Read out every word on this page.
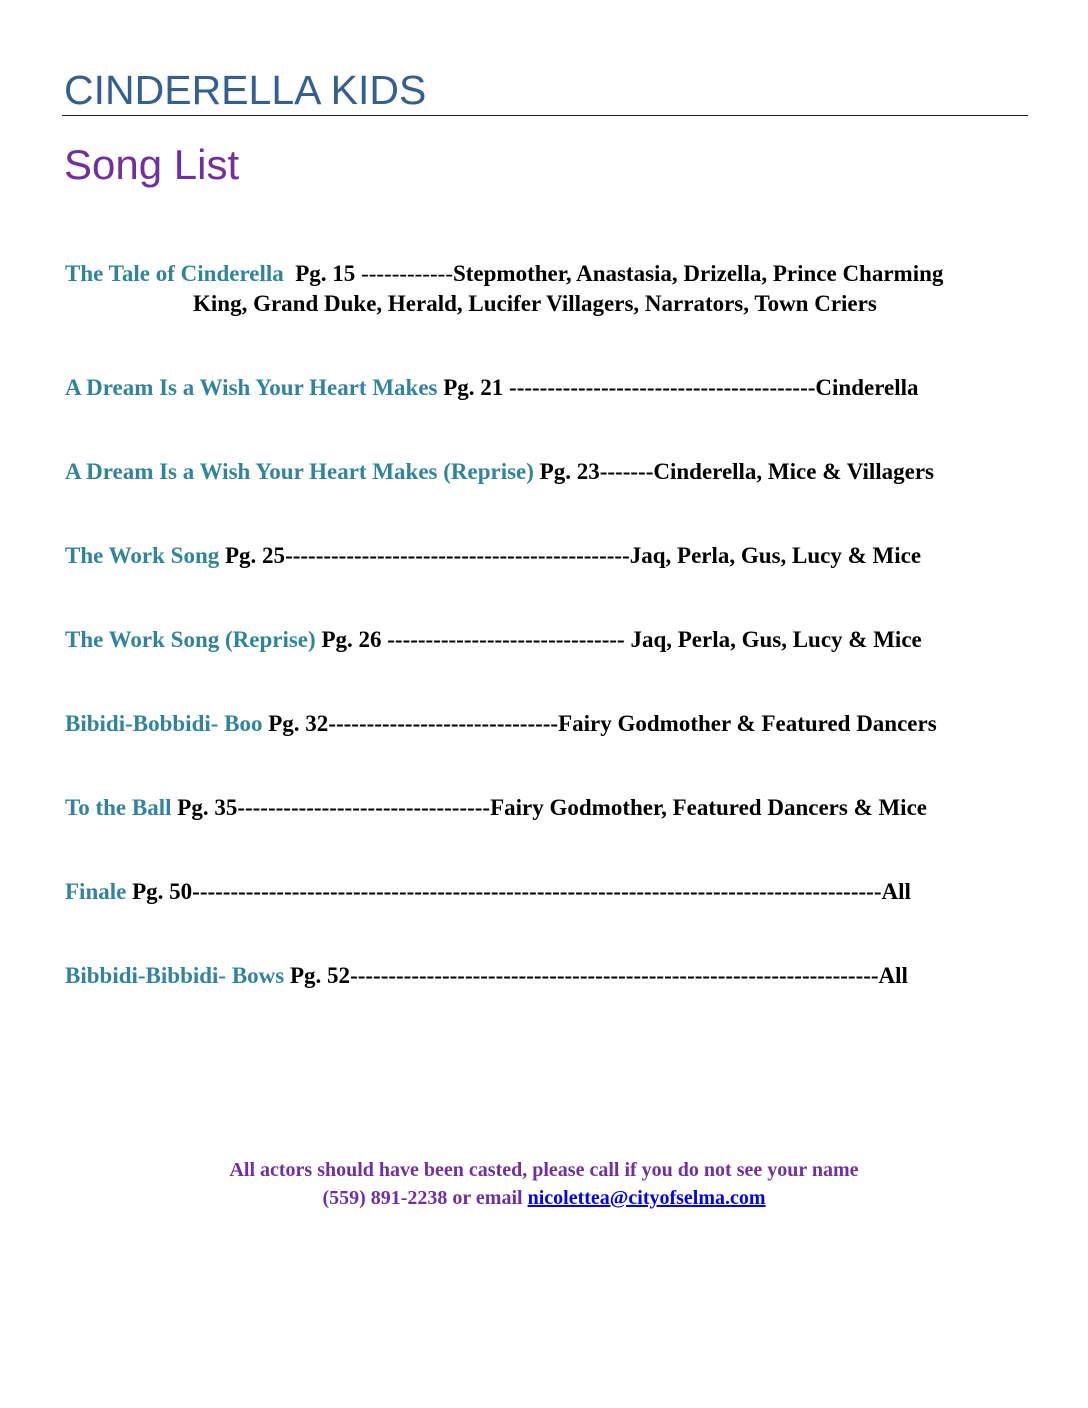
CINDERELLA KIDS
Song List

The Tale of Cinderella Pg. 15 ------------Stepmother, Anastasia, Drizella, Prince Charming
King, Grand Duke, Herald, Lucifer Villagers, Narrators, Town Criers

A Dream Is a Wish Your Heart Makes Pg. 21 ----------------------------------------Cinderella

A Dream Is a Wish Your Heart Makes (Reprise) Pg. 23-------Cinderella, Mice & Villagers

The Work Song Pg. 25---------------------------------------------Jaq, Perla, Gus, Lucy & Mice

The Work Song (Reprise) Pg. 26 ------------------------------- Jaq, Perla, Gus, Lucy & Mice

Bibidi-Bobbidi- Boo Pg. 32------------------------------Fairy Godmother & Featured Dancers

To the Ball Pg. 35---------------------------------Fairy Godmother, Featured Dancers & Mice

Finale Pg. 50------------------------------------------------------------------------------------------All

Bibbidi-Bibbidi- Bows Pg. 52---------------------------------------------------------------------All

All actors should have been casted, please call if you do not see your name
(559) 891-2238 or email nicolettea@cityofselma.com
